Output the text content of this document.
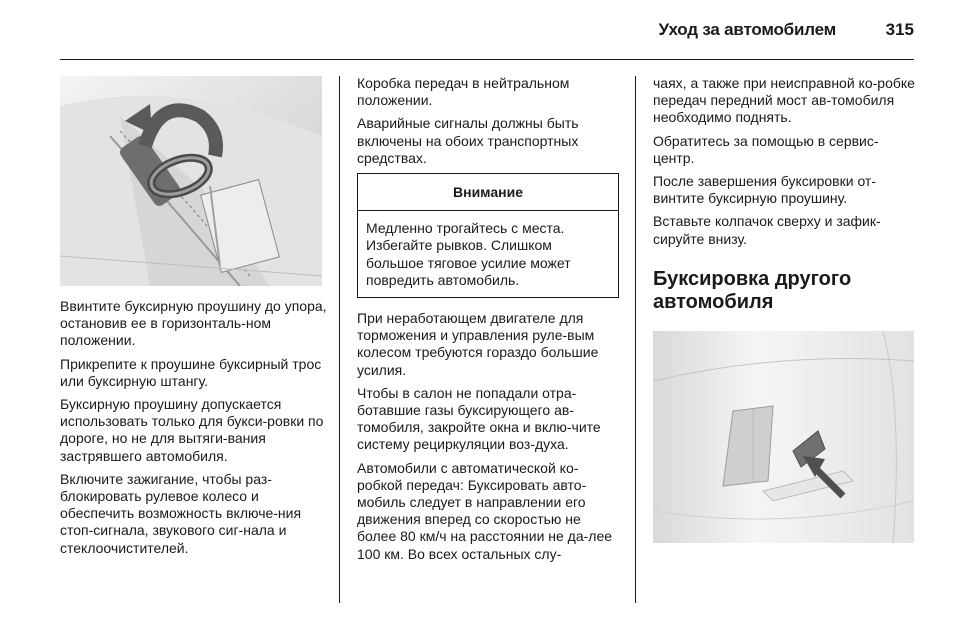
Уход за автомобилем	315

Ввинтите буксирную проушину до упора, остановив ее в горизонталь-ном положении.

Прикрепите к проушине буксирный трос или буксирную штангу.

Буксирную проушину допускается использовать только для букси-ровки по дороге, но не для вытяги-вания застрявшего автомобиля.

Включите зажигание, чтобы раз-блокировать рулевое колесо и обеспечить возможность включе-ния стоп-сигнала, звукового сиг-нала и стеклоочистителей.

Коробка передач в нейтральном положении.

Аварийные сигналы должны быть включены на обоих транспортных средствах.

Внимание
Медленно трогайтесь с места. Избегайте рывков. Слишком большое тяговое усилие может повредить автомобиль.

При неработающем двигателе для торможения и управления руле-вым колесом требуются гораздо большие усилия.

Чтобы в салон не попадали отра-ботавшие газы буксирующего ав-томобиля, закройте окна и вклю-чите систему рециркуляции воз-духа.

Автомобили с автоматической ко-робкой передач: Буксировать авто-мобиль следует в направлении его движения вперед со скоростью не более 80 км/ч на расстоянии не да-лее 100 км. Во всех остальных слу-

чаях, а также при неисправной ко-робке передач передний мост ав-томобиля необходимо поднять.

Обратитесь за помощью в сервис-центр.

После завершения буксировки от-винтите буксирную проушину.

Вставьте колпачок сверху и зафик-сируйте внизу.

Буксировка другого автомобиля
